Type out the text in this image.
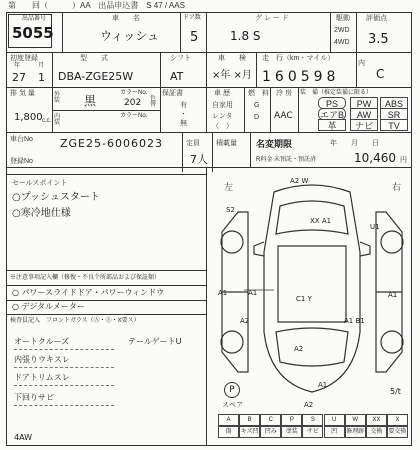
第　　回（　　　）AA　出品申込書　S 47 / AAS
出品番号
5055
車　　名
ウィッシュ
ドア数
5
グ レ ー ド
1.8 S
駆動
2WD
4WD
評価点
3.5
初度登録
年	月
27 1
型　　式
DBA-ZGE25W
シフト
AT
車　　検
×年 ×月
走　行（km・マイル）
160598
内
C
排 気 量
1,800 c.c.
外装
内装
黒
カラーNo.
202
カラーNo.
色替
保証書
有
・
無
車 歴
自家用
レンタ
（　）
燃　料
G
D
冷 房
AAC
装　備（推定装備に限る）
PS	PW	ABS
エアB	AW	SR
革	ナビ	TV
車台No ZGE25-6006023
登録No
定員
7人
積載量 名変期限	年　　月　　日
R料金 未預託・預託済	10,460 円
セールスポイント
○プッシュスタート
○寒冷地仕様
※注意事項記入欄（修復・不良个所部品および保証類）
○ パワースライドドア・パワーウィンドウ
○ デジタルメーター
検査員記入　フロントガラス（Ⓐ・Ⓔ・X要ス）
オートクルーズ	テールゲートU
内張りウキスレ
ドアトリムスレ
下回りサビ
4AW
左	右
A2 W
S2
XX A1
U1
A1	A1
C1 Y	A1
A2	A1 B1
A2
A1
A2
P
スペア
5/t
A
傷
B
キズ凹
C
凹み
P
塗装
S
サビ
U
凹
W
修理跡
XX
交換
X
要交換
